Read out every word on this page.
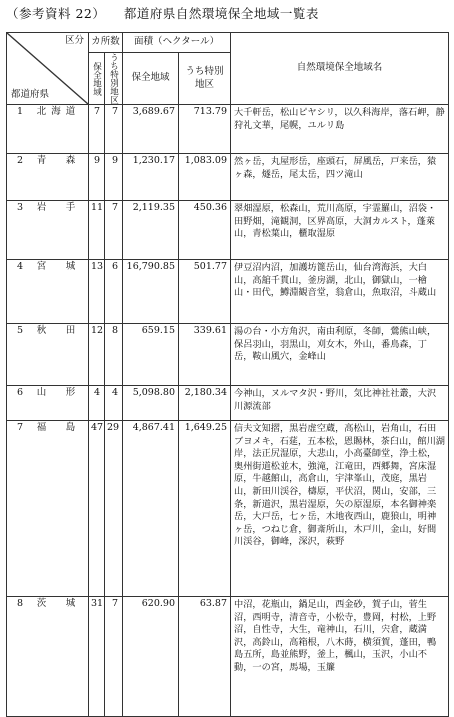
（参考資料 22） 都道府県自然環境保全地域一覧表
区分
都道府県	カ所数		面積（ヘクタール）		自然環境保全地域名

	保全地域	うち特別地区	保全地域	うち特別地区	

1 北海道	7	7	3,689.67	713.79	大千軒岳，松山ピヤシリ，以久科海岸，落石岬，静狩礼文華，尾幌，ユルリ島

2 青　森	9	9	1,230.17	1,083.09	然ヶ岳，丸屋形岳，座頭石，屏風岳，戸来岳，猿ヶ森，燧岳，尾太岳，四ツ滝山

3 岩　手	11	7	2,119.35	450.36	翠畑湿原，松森山，荒川高原，宇霊羅山，沼袋・田野畑，滝観洞，区界高原，大洞カルスト，蓬萊山，青松葉山，櫃取湿原

4 宮　城	13	6	16,790.85	501.77	伊豆沼内沼，加護坊篦岳山，仙台湾海浜，大白山，高舘千貫山，釜房湖，北山，御獄山，一檜山・田代，鱒淵観音堂，翁倉山，魚取沼，斗蔵山

5 秋　田	12	8	659.15	339.61	湯の台・小方角沢，南由利原，冬師，鶯熊山峡，保呂羽山，羽黒山，刈女木，外山，番鳥森，丁岳，鞍山風穴，金峰山

6 山　形	4	4	5,098.80	2,180.34	今神山，ヌルマタ沢・野川，気比神社社叢，大沢川源流部

7 福　島	47	29	4,867.41	1,649.25	信夫文知摺，黒岩虚空蔵，高松山，岩角山，石田ブヨメキ，石莚，五本松，恩賜林，茶臼山，館川湖岸，法正尻湿原，大悲山，小高臺師堂，浄土松，奥州街道松並木，強滝，江竜田，西郷舞，宮床湿原，牛越館山，高倉山，宇津峯山，茂庭，黒岩山，新田川渓谷，檮原，平伏沼，関山，安部，三条，新道沢，黒岩湿原，矢の原湿原，本名御神楽岳，大戸岳，七ヶ岳，木地夜西山，鹿狼山，明神ヶ岳，つねじ倉，御斎所山，木戸川，金山，好間川渓谷，御峰，深沢，萩野

8 茨　城	31	7	620.90	63.87	中沼，花瓶山，鍋足山，西金砂，賀子山，菅生沼，西明寺，清音寺，小松寺，豊岡，村松，上野沼，自性寺，大生，竜神山，石川，宍倉，蔵満沢，高鈴山，高箱根，八木蒔，横須賀，蓬田，鴨島五所，島並熊野，釜上，楓山，玉沢，小山不動，一の宮，馬場，玉簾
